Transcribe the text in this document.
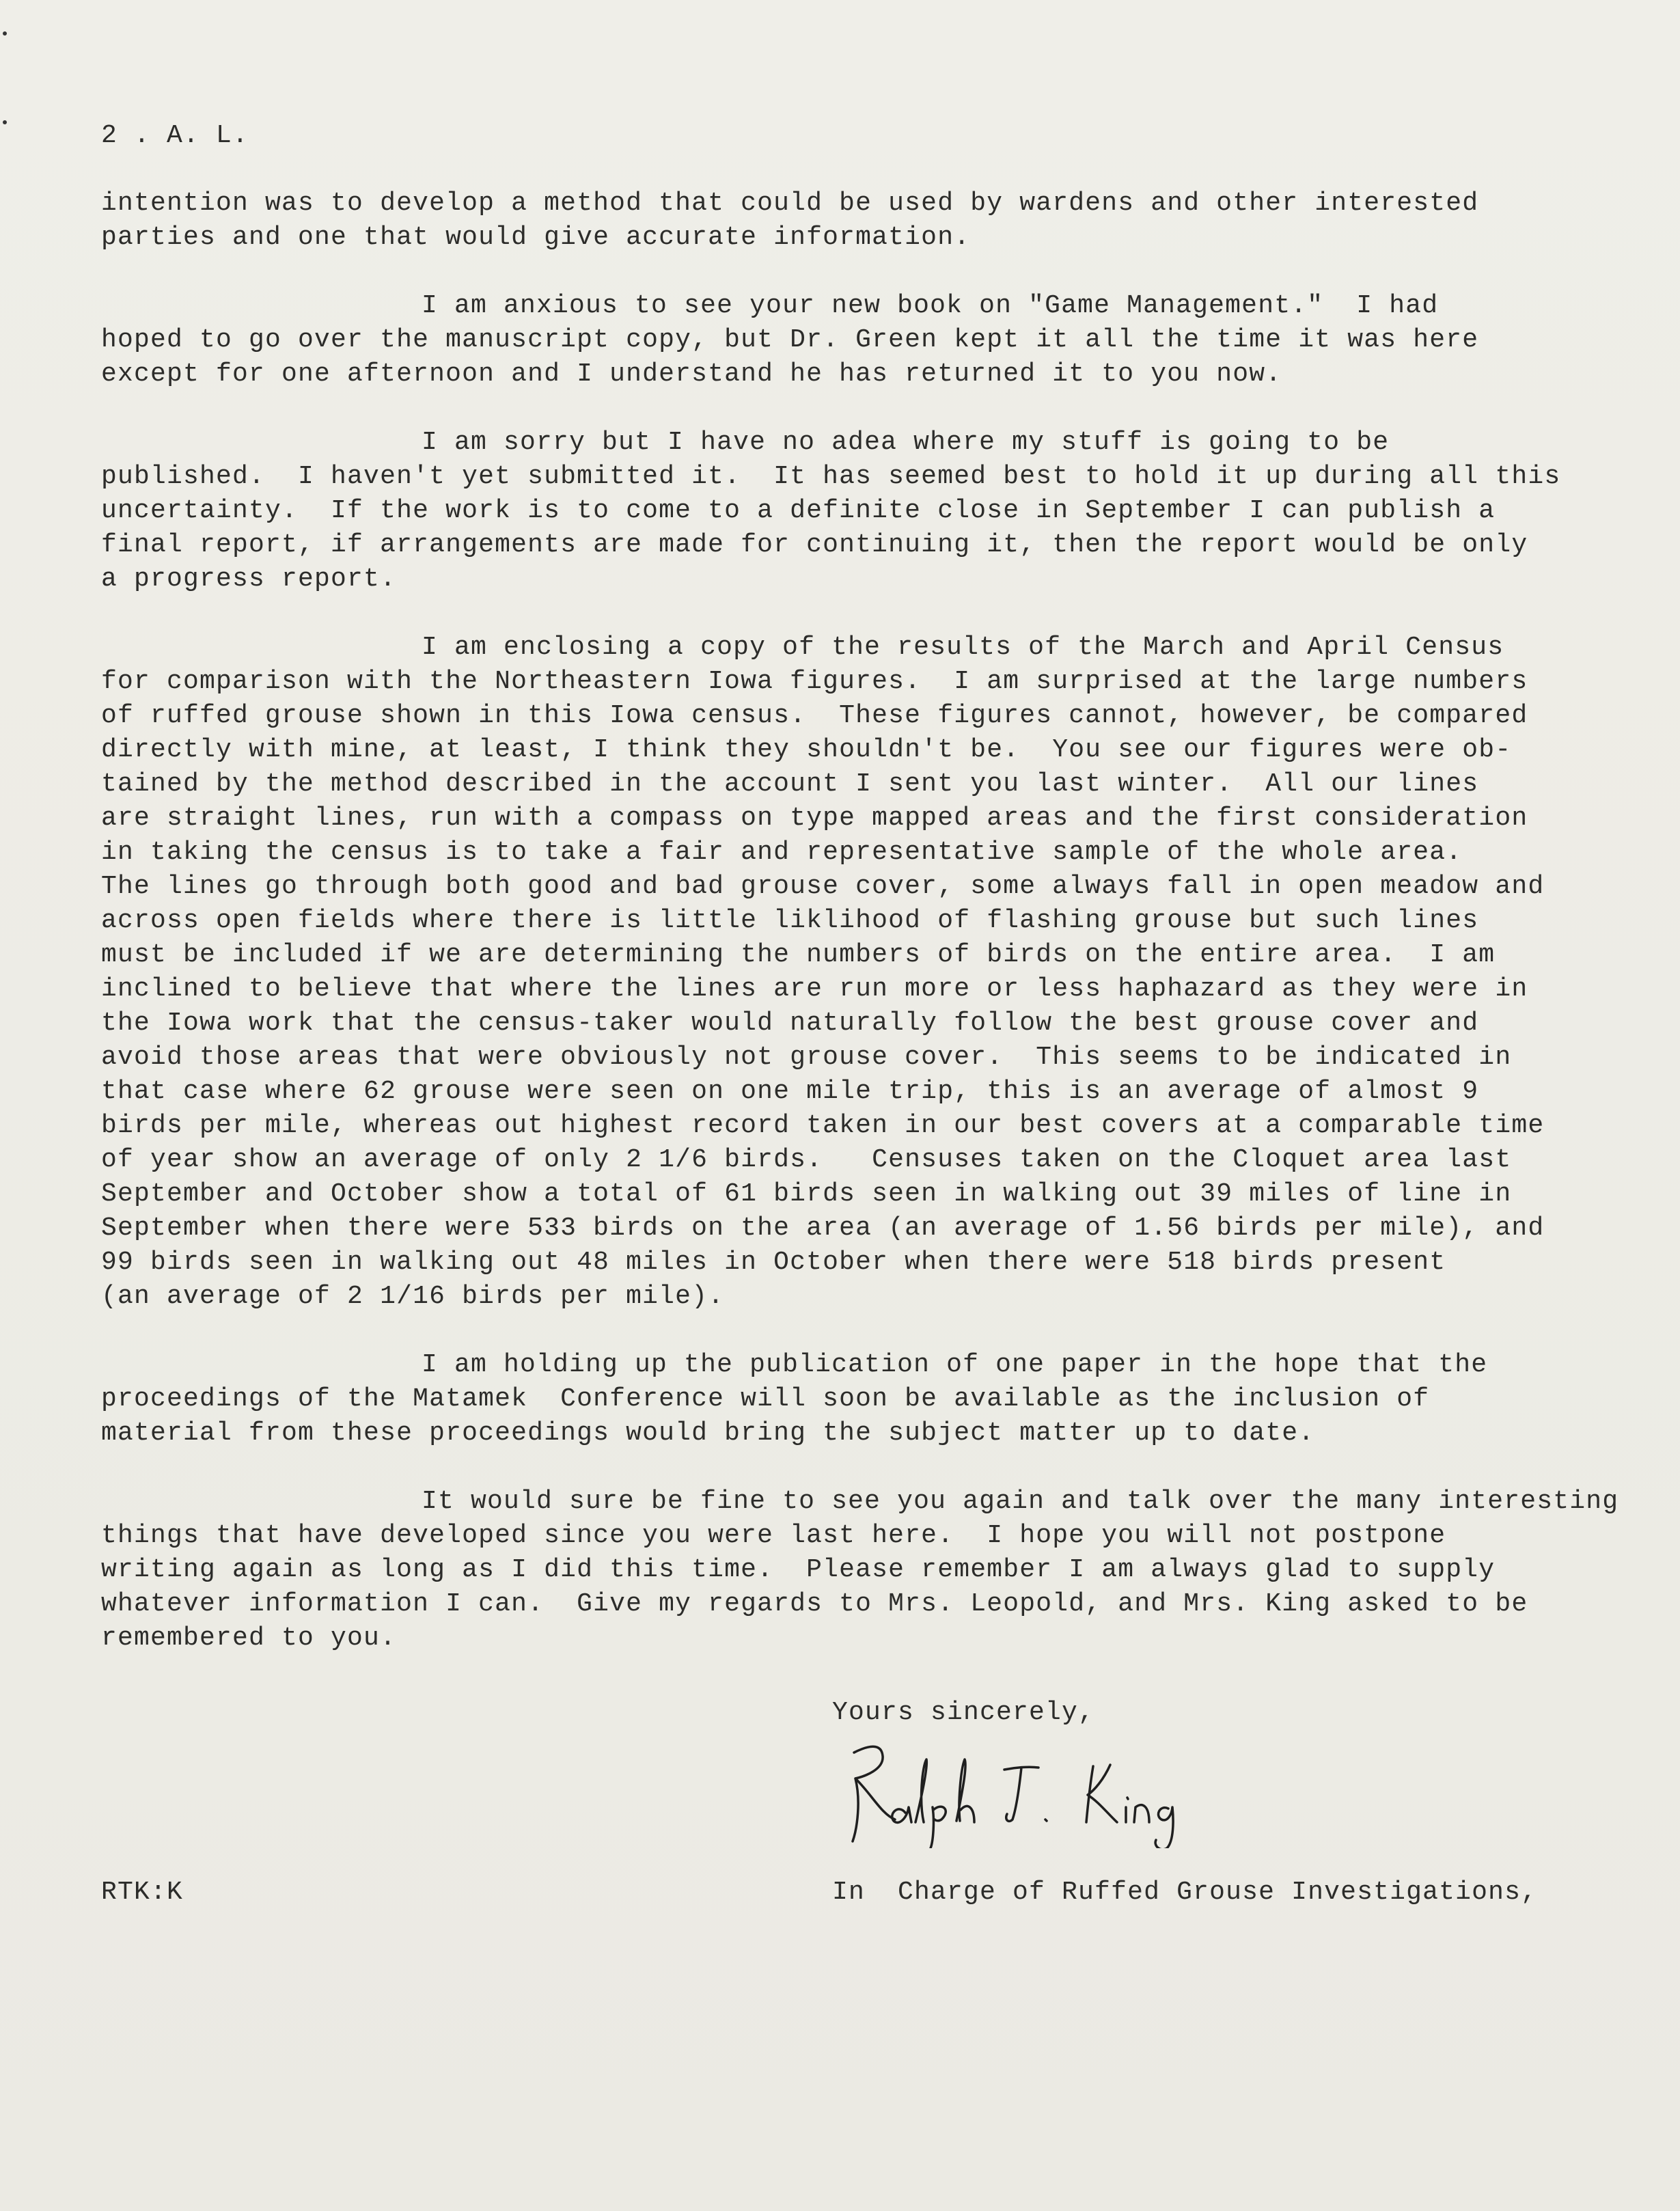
2 . A. L.
intention was to develop a method that could be used by wardens and other interested
parties and one that would give accurate information.
I am anxious to see your new book on "Game Management."  I had
hoped to go over the manuscript copy, but Dr. Green kept it all the time it was here
except for one afternoon and I understand he has returned it to you now.
I am sorry but I have no adea where my stuff is going to be
published.  I haven't yet submitted it.  It has seemed best to hold it up during all this
uncertainty.  If the work is to come to a definite close in September I can publish a
final report, if arrangements are made for continuing it, then the report would be only
a progress report.
I am enclosing a copy of the results of the March and April Census
for comparison with the Northeastern Iowa figures.  I am surprised at the large numbers
of ruffed grouse shown in this Iowa census.  These figures cannot, however, be compared
directly with mine, at least, I think they shouldn't be.  You see our figures were ob-
tained by the method described in the account I sent you last winter.  All our lines
are straight lines, run with a compass on type mapped areas and the first consideration
in taking the census is to take a fair and representative sample of the whole area.
The lines go through both good and bad grouse cover, some always fall in open meadow and
across open fields where there is little liklihood of flashing grouse but such lines
must be included if we are determining the numbers of birds on the entire area.  I am
inclined to believe that where the lines are run more or less haphazard as they were in
the Iowa work that the census-taker would naturally follow the best grouse cover and
avoid those areas that were obviously not grouse cover.  This seems to be indicated in
that case where 62 grouse were seen on one mile trip, this is an average of almost 9
birds per mile, whereas out highest record taken in our best covers at a comparable time
of year show an average of only 2 1/6 birds.   Censuses taken on the Cloquet area last
September and October show a total of 61 birds seen in walking out 39 miles of line in
September when there were 533 birds on the area (an average of 1.56 birds per mile), and
99 birds seen in walking out 48 miles in October when there were 518 birds present
(an average of 2 1/16 birds per mile).
I am holding up the publication of one paper in the hope that the
proceedings of the Matamek  Conference will soon be available as the inclusion of
material from these proceedings would bring the subject matter up to date.
It would sure be fine to see you again and talk over the many interesting
things that have developed since you were last here.  I hope you will not postpone
writing again as long as I did this time.  Please remember I am always glad to supply
whatever information I can.  Give my regards to Mrs. Leopold, and Mrs. King asked to be
remembered to you.
Yours sincerely,
RTK:K	In  Charge of Ruffed Grouse Investigations,
